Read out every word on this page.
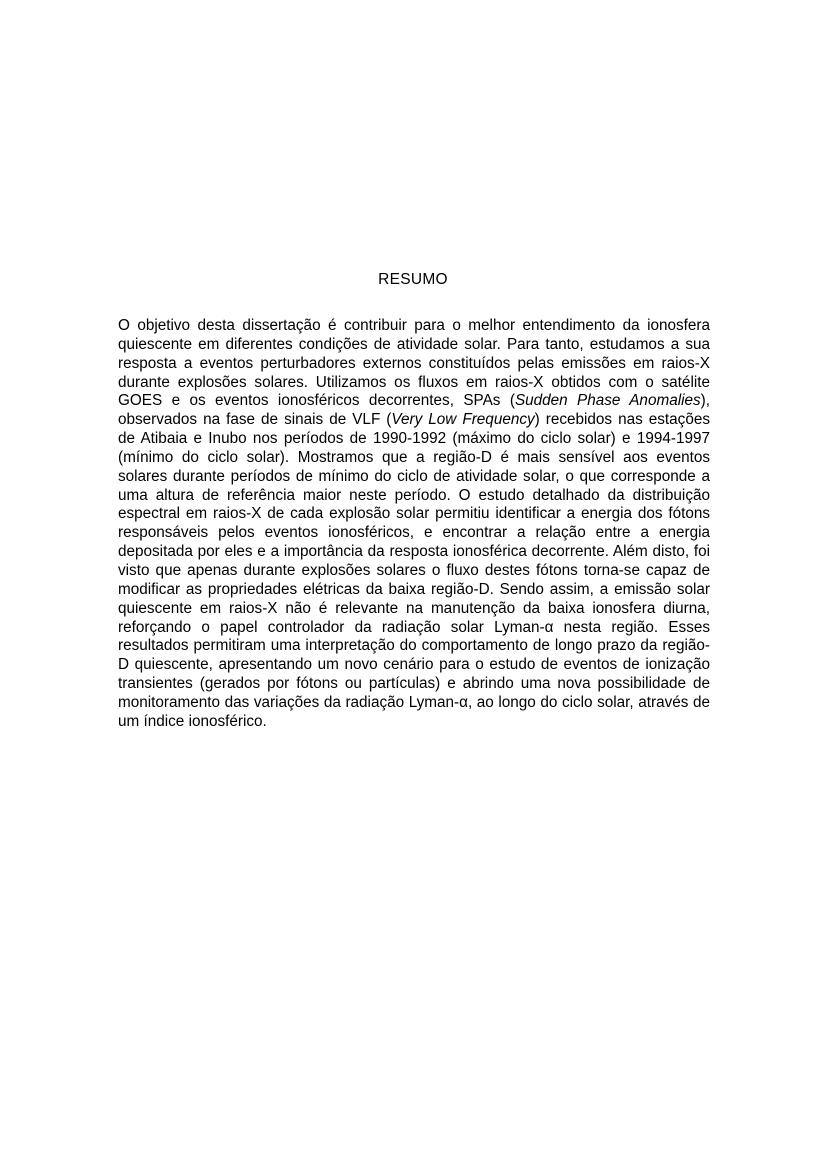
RESUMO

O objetivo desta dissertação é contribuir para o melhor entendimento da ionosfera quiescente em diferentes condições de atividade solar. Para tanto, estudamos a sua resposta a eventos perturbadores externos constituídos pelas emissões em raios-X durante explosões solares. Utilizamos os fluxos em raios-X obtidos com o satélite GOES e os eventos ionosféricos decorrentes, SPAs (Sudden Phase Anomalies), observados na fase de sinais de VLF (Very Low Frequency) recebidos nas estações de Atibaia e Inubo nos períodos de 1990-1992 (máximo do ciclo solar) e 1994-1997 (mínimo do ciclo solar). Mostramos que a região-D é mais sensível aos eventos solares durante períodos de mínimo do ciclo de atividade solar, o que corresponde a uma altura de referência maior neste período. O estudo detalhado da distribuição espectral em raios-X de cada explosão solar permitiu identificar a energia dos fótons responsáveis pelos eventos ionosféricos, e encontrar a relação entre a energia depositada por eles e a importância da resposta ionosférica decorrente. Além disto, foi visto que apenas durante explosões solares o fluxo destes fótons torna-se capaz de modificar as propriedades elétricas da baixa região-D. Sendo assim, a emissão solar quiescente em raios-X não é relevante na manutenção da baixa ionosfera diurna, reforçando o papel controlador da radiação solar Lyman-α nesta região. Esses resultados permitiram uma interpretação do comportamento de longo prazo da região-D quiescente, apresentando um novo cenário para o estudo de eventos de ionização transientes (gerados por fótons ou partículas) e abrindo uma nova possibilidade de monitoramento das variações da radiação Lyman-α, ao longo do ciclo solar, através de um índice ionosférico.
